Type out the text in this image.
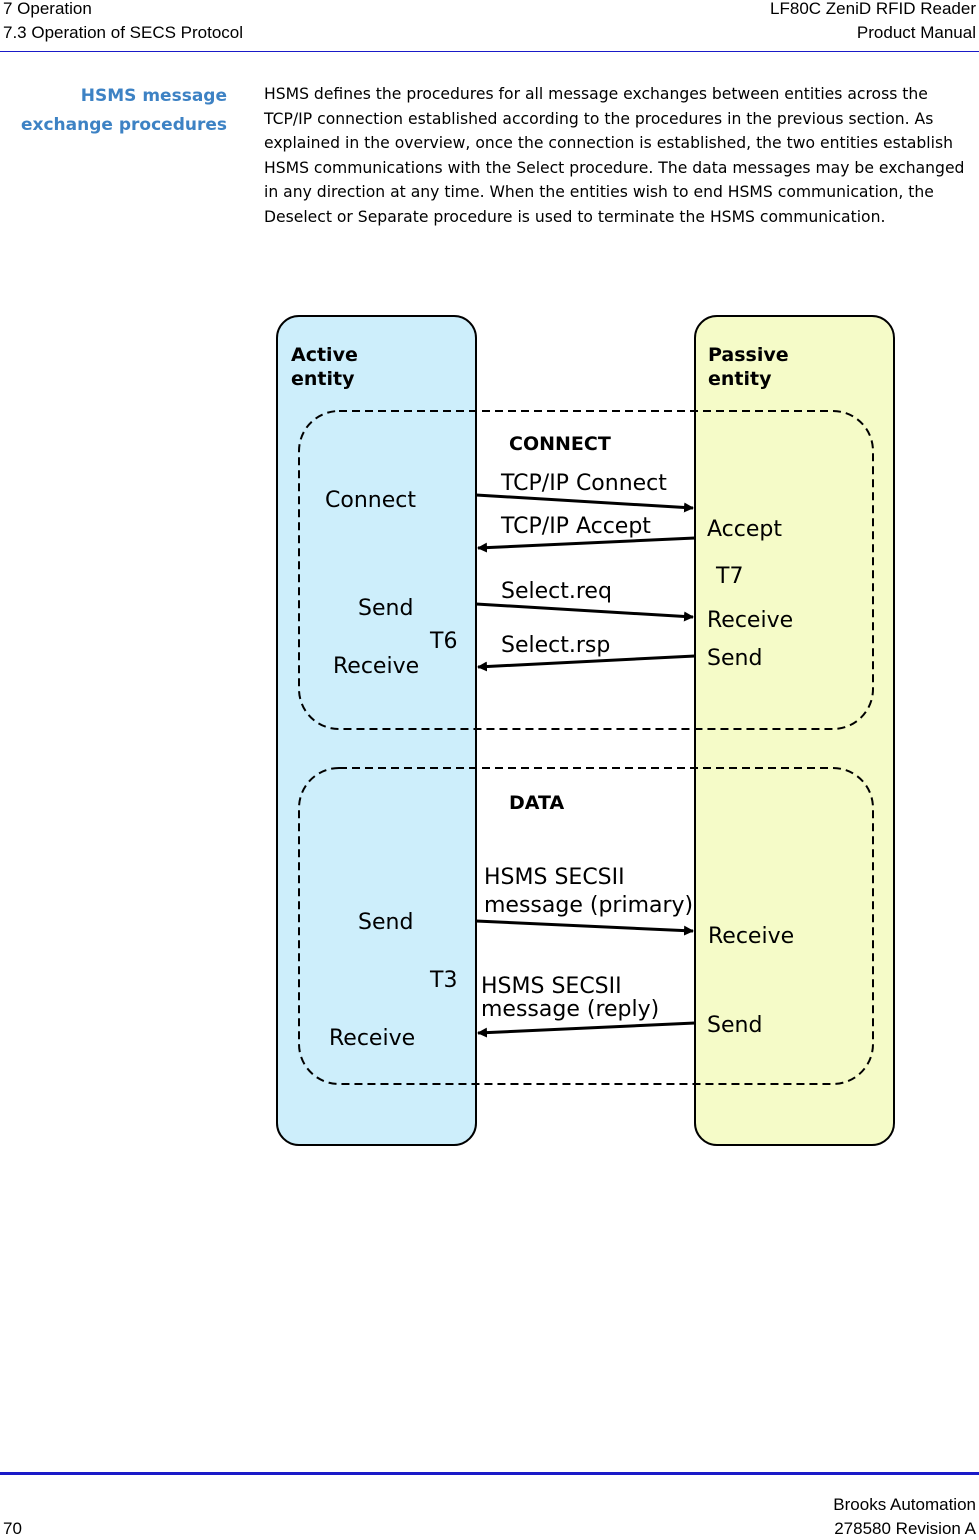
7 Operation
7.3 Operation of SECS Protocol
LF80C ZeniD RFID Reader
Product Manual
HSMS message
exchange procedures
HSMS defines the procedures for all message exchanges between entities across the TCP/IP connection established according to the procedures in the previous section. As explained in the overview, once the connection is established, the two entities establish HSMS communications with the Select procedure. The data messages may be exchanged in any direction at any time. When the entities wish to end HSMS communication, the Deselect or Separate procedure is used to terminate the HSMS communication.
Active
entity
Passive
entity
CONNECT
Connect
Send
Receive
T6
Accept
T7
Receive
Send
TCP/IP Connect
TCP/IP Accept
Select.req
Select.rsp
DATA
Send
T3
Receive
Receive
Send
HSMS SECSII
message (primary)
HSMS SECSII
message (reply)
Brooks Automation
70	278580 Revision A
